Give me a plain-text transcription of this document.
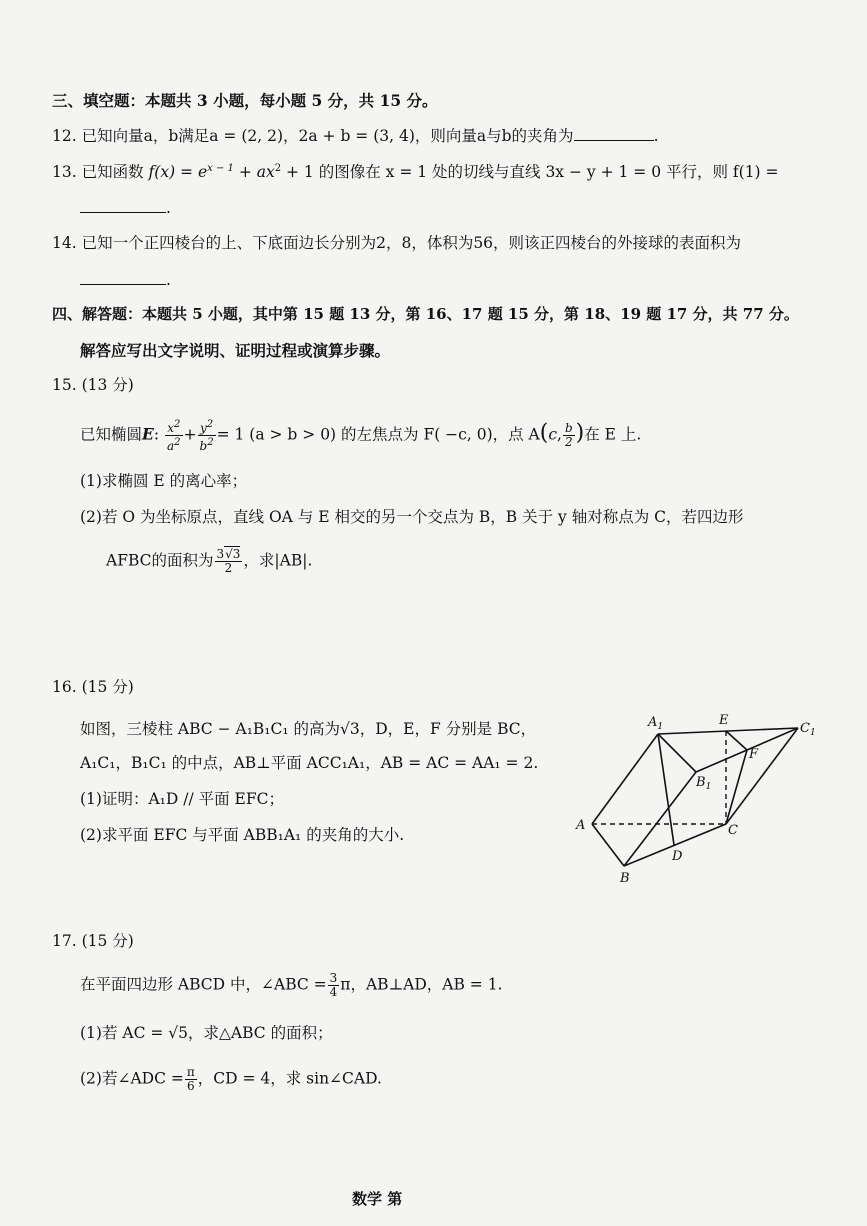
三、填空题：本题共 3 小题，每小题 5 分，共 15 分。
12. 已知向量a，b满足a = (2, 2)，2a + b = (3, 4)，则向量a与b的夹角为	.
13. 已知函数 $f(x) = e^{x - 1} + ax^2 + 1$ 的图像在 x = 1 处的切线与直线 3x − y + 1 = 0 平行，则 f(1) =
.
14. 已知一个正四棱台的上、下底面边长分别为2，8，体积为56，则该正四棱台的外接球的表面积为
.
四、解答题：本题共 5 小题，其中第 15 题 13 分，第 16、17 题 15 分，第 18、19 题 17 分，共 77 分。
解答应写出文字说明、证明过程或演算步骤。
15. (13 分)
已知椭圆E: $\frac{x^2}{a^2} + \frac{y^2}{b^2} = 1$ (a > b > 0) 的左焦点为 F( −c, 0)，点 A(c, $\frac{b}{2}$ )在 E 上.
(1)求椭圆 E 的离心率；
(2)若 O 为坐标原点，直线 OA 与 E 相交的另一个交点为 B，B 关于 y 轴对称点为 C，若四边形
AFBC的面积为 $\frac{3√3}{2}$ ，求|AB|.
16. (15 分)
如图，三棱柱 ABC − A₁B₁C₁ 的高为√3，D，E，F 分别是 BC，
A₁C₁，B₁C₁ 的中点，AB⊥平面 ACC₁A₁，AB = AC = AA₁ = 2.
(1)证明：A₁D // 平面 EFC；
(2)求平面 EFC 与平面 ABB₁A₁ 的夹角的大小.
$A_1$	E
$C_1$
F
$B_1$
A	C
D
B
17. (15 分)
在平面四边形 ABCD 中，∠ABC = $\frac{3}{4}$ π，AB⊥AD，AB = 1.
(1)若 AC = √5，求△ABC 的面积；
(2)若∠ADC = $\frac{\pi}{6}$ ，CD = 4，求 sin∠CAD.
数学 第
